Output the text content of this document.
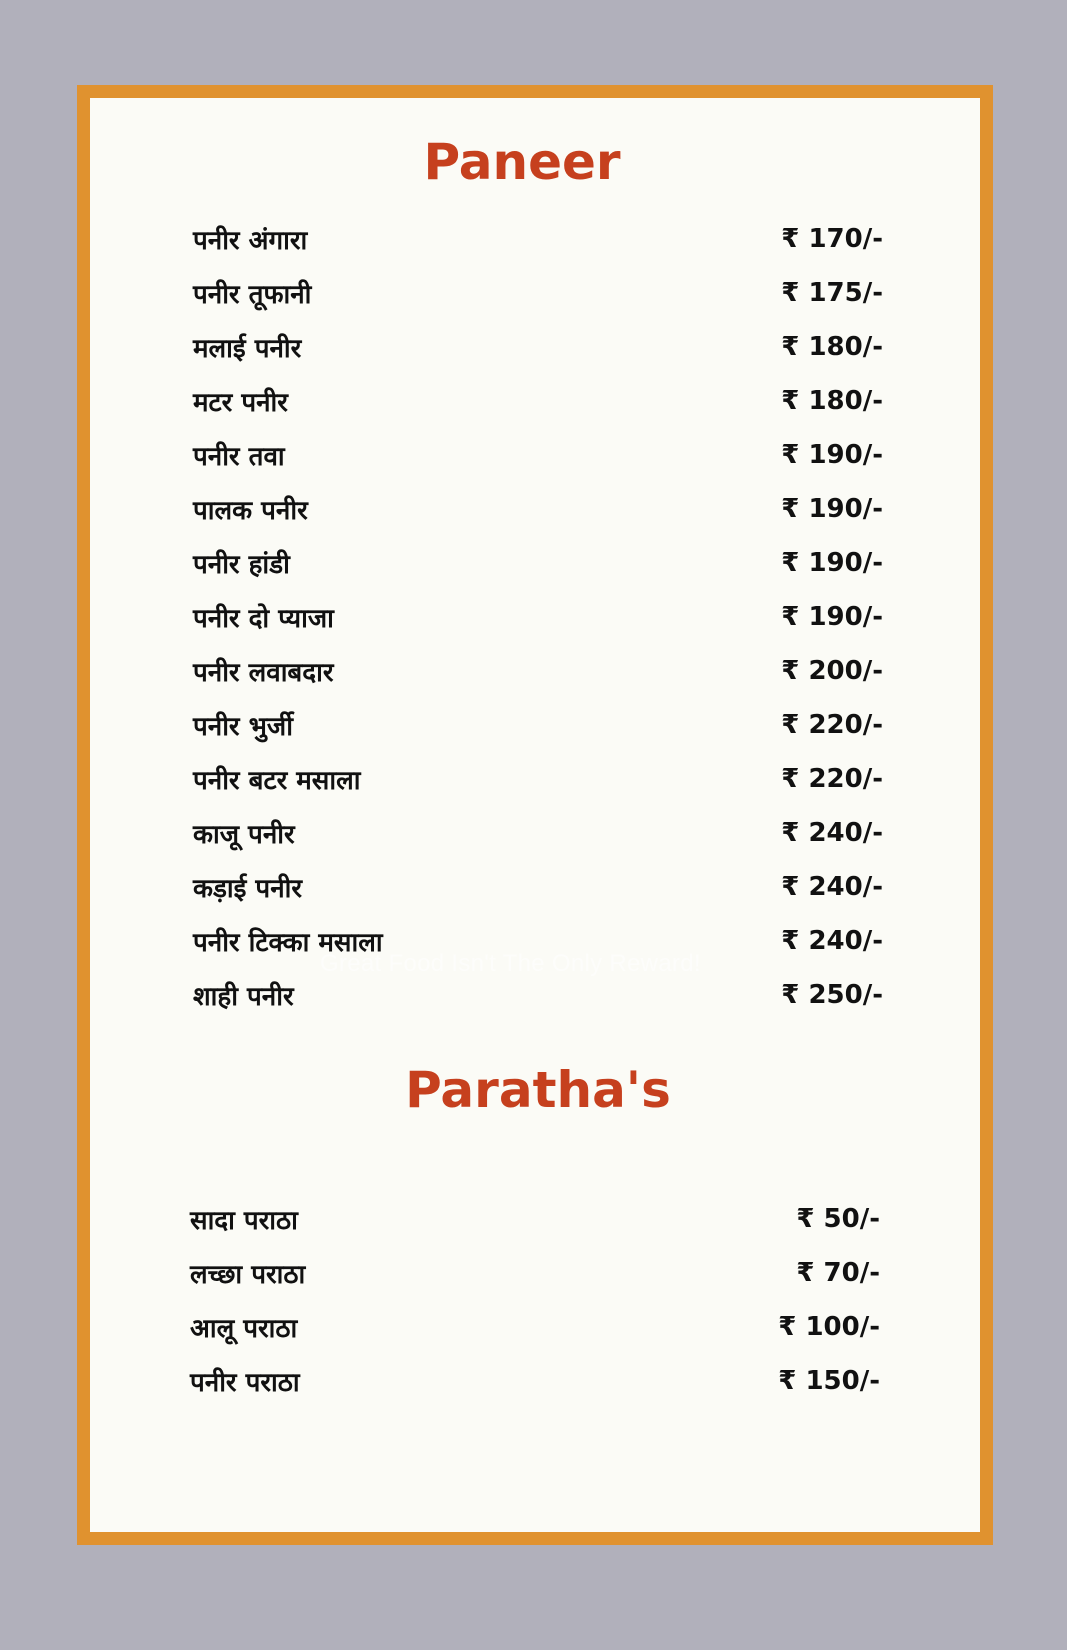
Paneer
पनीर अंगारा	₹ 170/-
पनीर तूफानी	₹ 175/-
मलाई पनीर	₹ 180/-
मटर पनीर	₹ 180/-
पनीर तवा	₹ 190/-
पालक पनीर	₹ 190/-
पनीर हांडी	₹ 190/-
पनीर दो प्याजा	₹ 190/-
पनीर लवाबदार	₹ 200/-
पनीर भुर्जी	₹ 220/-
पनीर बटर मसाला	₹ 220/-
काजू पनीर	₹ 240/-
कड़ाई पनीर	₹ 240/-
पनीर टिक्का मसाला	₹ 240/-
शाही पनीर	₹ 250/-
Paratha's
सादा पराठा	₹ 50/-
लच्छा पराठा	₹ 70/-
आलू पराठा	₹ 100/-
पनीर पराठा	₹ 150/-
Great Food Isn't The Only Reward!
